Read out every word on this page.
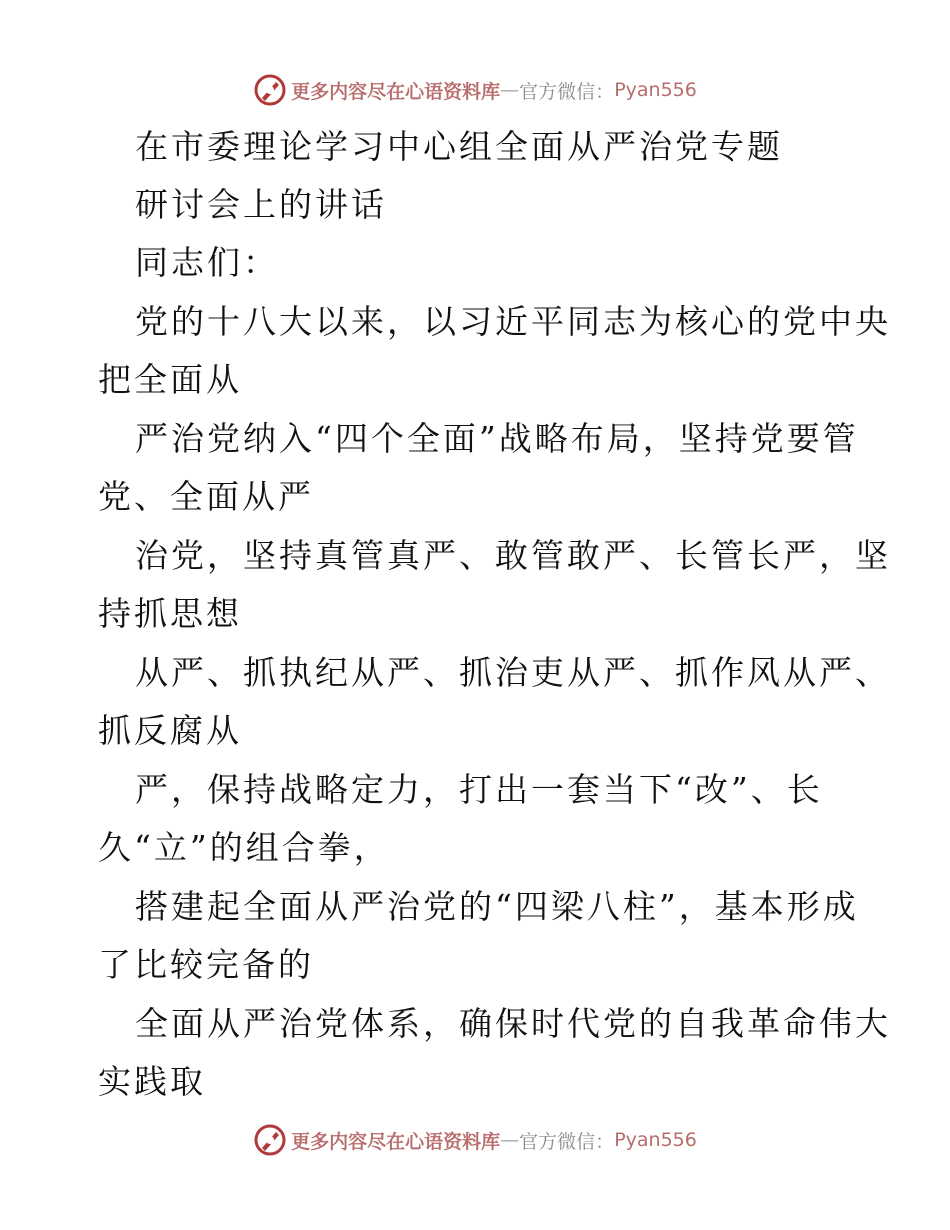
更多内容尽在心语资料库 — 官方微信： Pyan556
在市委理论学习中心组全面从严治党专题
研讨会上的讲话
同志们：
党的十八大以来，以习近平同志为核心的党中央
把全面从
严治党纳入“四个全面”战略布局，坚持党要管
党、全面从严
治党，坚持真管真严、敢管敢严、长管长严，坚
持抓思想
从严、抓执纪从严、抓治吏从严、抓作风从严、
抓反腐从
严，保持战略定力，打出一套当下“改”、长
久“立”的组合拳，
搭建起全面从严治党的“四梁八柱”，基本形成
了比较完备的
全面从严治党体系，确保时代党的自我革命伟大
实践取
更多内容尽在心语资料库 — 官方微信： Pyan556
